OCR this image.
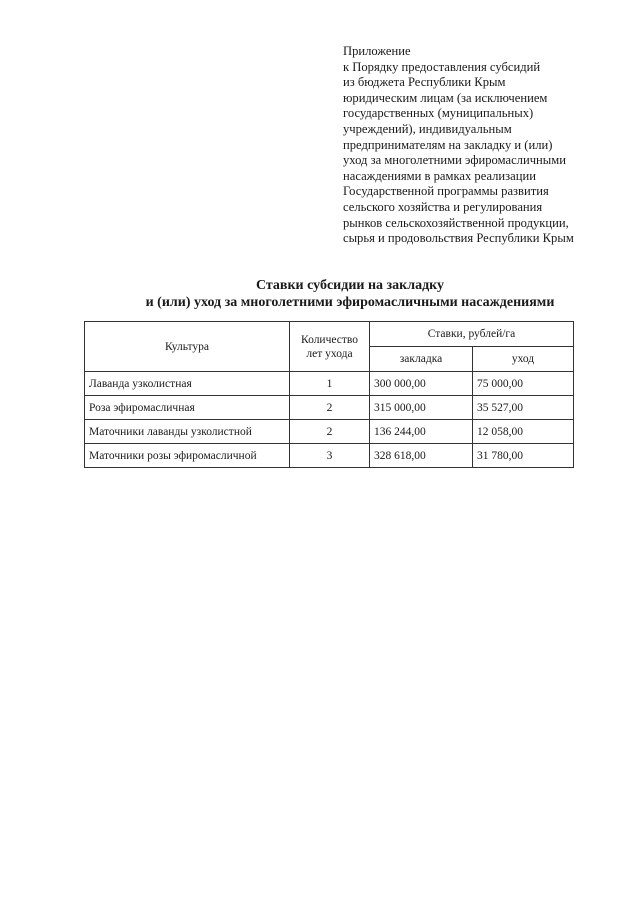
Приложение
к Порядку предоставления субсидий
из бюджета Республики Крым
юридическим лицам (за исключением
государственных (муниципальных)
учреждений), индивидуальным
предпринимателям на закладку и (или)
уход за многолетними эфиромасличными
насаждениями в рамках реализации
Государственной программы развития
сельского хозяйства и регулирования
рынков сельскохозяйственной продукции,
сырья и продовольствия Республики Крым
Ставки субсидии на закладку
и (или) уход за многолетними эфиромасличными насаждениями
Культура	Количество лет ухода	Ставки, рублей/га	
		закладка	уход
Лаванда узколистная	1	300 000,00	75 000,00
Роза эфиромасличная	2	315 000,00	35 527,00
Маточники лаванды узколистной	2	136 244,00	12 058,00
Маточники розы эфиромасличной	3	328 618,00	31 780,00
